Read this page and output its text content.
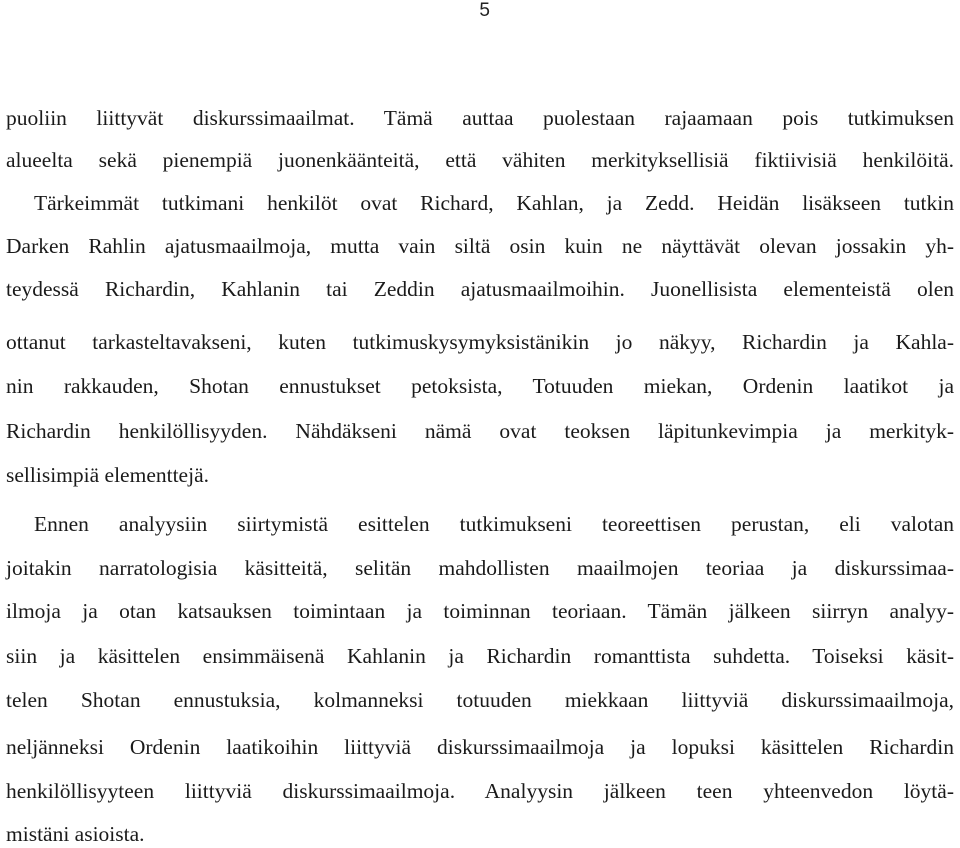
5
puoliin liittyvät diskurssimaailmat. Tämä auttaa puolestaan rajaamaan pois tutkimuksen
alueelta sekä pienempiä juonenkäänteitä, että vähiten merkityksellisiä fiktiivisiä henkilöitä.
Tärkeimmät tutkimani henkilöt ovat Richard, Kahlan, ja Zedd. Heidän lisäkseen tutkin
Darken Rahlin ajatusmaailmoja, mutta vain siltä osin kuin ne näyttävät olevan jossakin yh-
teydessä Richardin, Kahlanin tai Zeddin ajatusmaailmoihin. Juonellisista elementeistä olen
ottanut tarkasteltavakseni, kuten tutkimuskysymyksistänikin jo näkyy, Richardin ja Kahla-
nin rakkauden, Shotan ennustukset petoksista, Totuuden miekan, Ordenin laatikot ja
Richardin henkilöllisyyden. Nähdäkseni nämä ovat teoksen läpitunkevimpia ja merkityk-
sellisimpiä elementtejä.
Ennen analyysiin siirtymistä esittelen tutkimukseni teoreettisen perustan, eli valotan
joitakin narratologisia käsitteitä, selitän mahdollisten maailmojen teoriaa ja diskurssimaa-
ilmoja ja otan katsauksen toimintaan ja toiminnan teoriaan. Tämän jälkeen siirryn analyy-
siin ja käsittelen ensimmäisenä Kahlanin ja Richardin romanttista suhdetta. Toiseksi käsit-
telen Shotan ennustuksia, kolmanneksi totuuden miekkaan liittyviä diskurssimaailmoja,
neljänneksi Ordenin laatikoihin liittyviä diskurssimaailmoja ja lopuksi käsittelen Richardin
henkilöllisyyteen liittyviä diskurssimaailmoja. Analyysin jälkeen teen yhteenvedon löytä-
mistäni asioista.
